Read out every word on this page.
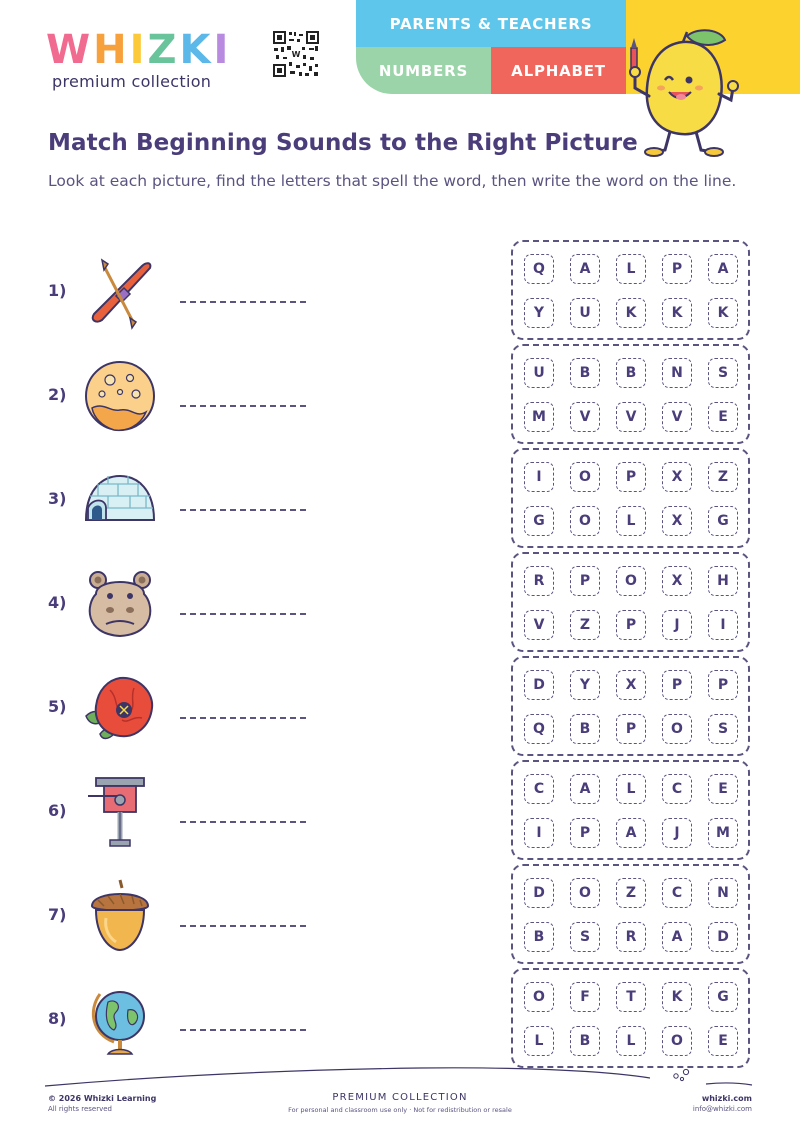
WHIZKI
premium collection
W
PARENTS & TEACHERS
NUMBERS	ALPHABET
Match Beginning Sounds to the Right Picture
Look at each picture, find the letters that spell the word, then write the word on the line.
1)
Q	A	L	P	A
Y	U	K	K	K
2)
U	B	B	N	S
M	V	V	V	E
3)
I	O	P	X	Z
G	O	L	X	G
4)
R	P	O	X	H
V	Z	P	J	I
5)
D	Y	X	P	P
Q	B	P	O	S
6)
C	A	L	C	E
I	P	A	J	M
7)
D	O	Z	C	N
B	S	R	A	D
8)
O	F	T	K	G
L	B	L	O	E
© 2026 Whizki Learning
All rights reserved
PREMIUM COLLECTION
For personal and classroom use only · Not for redistribution or resale
whizki.com
info@whizki.com
